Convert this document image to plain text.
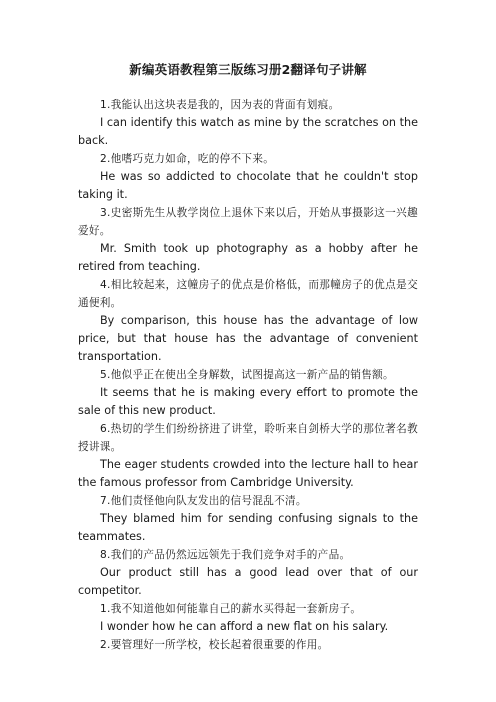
新编英语教程第三版练习册2翻译句子讲解

1.我能认出这块表是我的，因为表的背面有划痕。

I can identify this watch as mine by the scratches on the back.

2.他嗜巧克力如命，吃的停不下来。

He was so addicted to chocolate that he couldn't stop taking it.

3.史密斯先生从教学岗位上退休下来以后，开始从事摄影这一兴趣爱好。

Mr. Smith took up photography as a hobby after he retired from teaching.

4.相比较起来，这幢房子的优点是价格低，而那幢房子的优点是交通便利。

By comparison, this house has the advantage of low price, but that house has the advantage of convenient transportation.

5.他似乎正在使出全身解数，试图提高这一新产品的销售额。

It seems that he is making every effort to promote the sale of this new product.

6.热切的学生们纷纷挤进了讲堂，聆听来自剑桥大学的那位著名教授讲课。

The eager students crowded into the lecture hall to hear the famous professor from Cambridge University.

7.他们责怪他向队友发出的信号混乱不清。

They blamed him for sending confusing signals to the teammates.

8.我们的产品仍然远远领先于我们竞争对手的产品。

Our product still has a good lead over that of our competitor.

1.我不知道他如何能靠自己的薪水买得起一套新房子。

I wonder how he can afford a new flat on his salary.

2.要管理好一所学校，校长起着很重要的作用。
